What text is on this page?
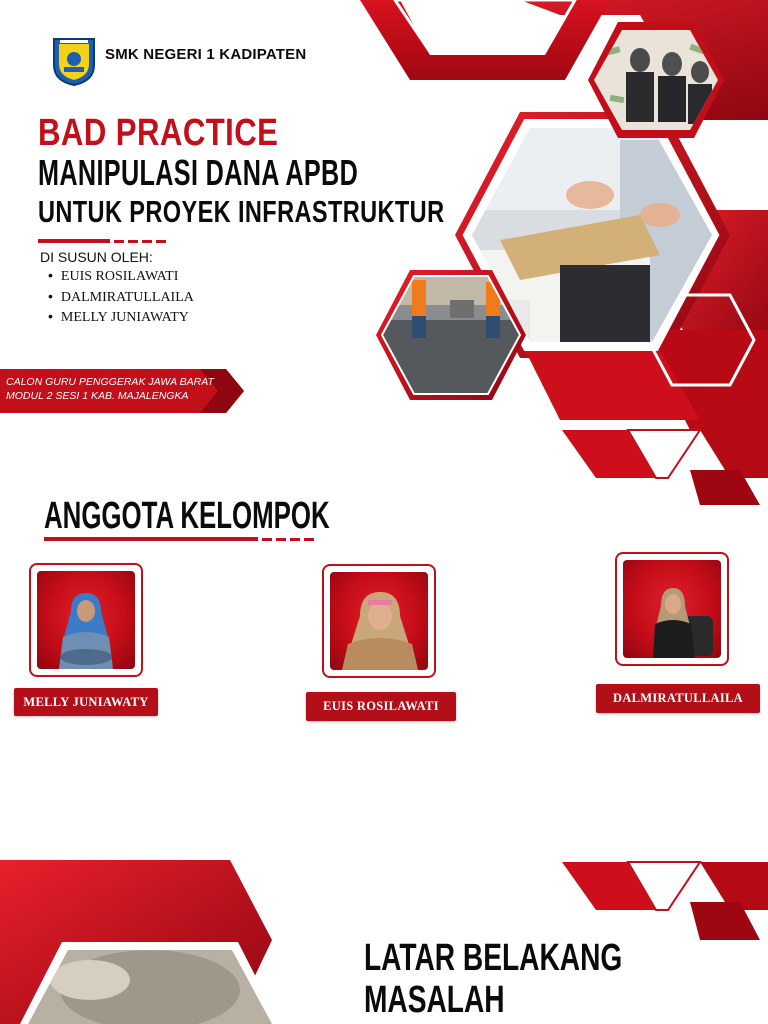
SMK NEGERI 1 KADIPATEN
BAD PRACTICE
MANIPULASI DANA APBD
UNTUK PROYEK INFRASTRUKTUR
DI SUSUN OLEH:
• EUIS ROSILAWATI
• DALMIRATULLAILA
• MELLY JUNIAWATY
CALON GURU PENGGERAK JAWA BARAT
MODUL 2 SESI 1 KAB. MAJALENGKA
ANGGOTA KELOMPOK
MELLY JUNIAWATY	EUIS ROSILAWATI
DALMIRATULLAILA
LATAR BELAKANG
MASALAH
